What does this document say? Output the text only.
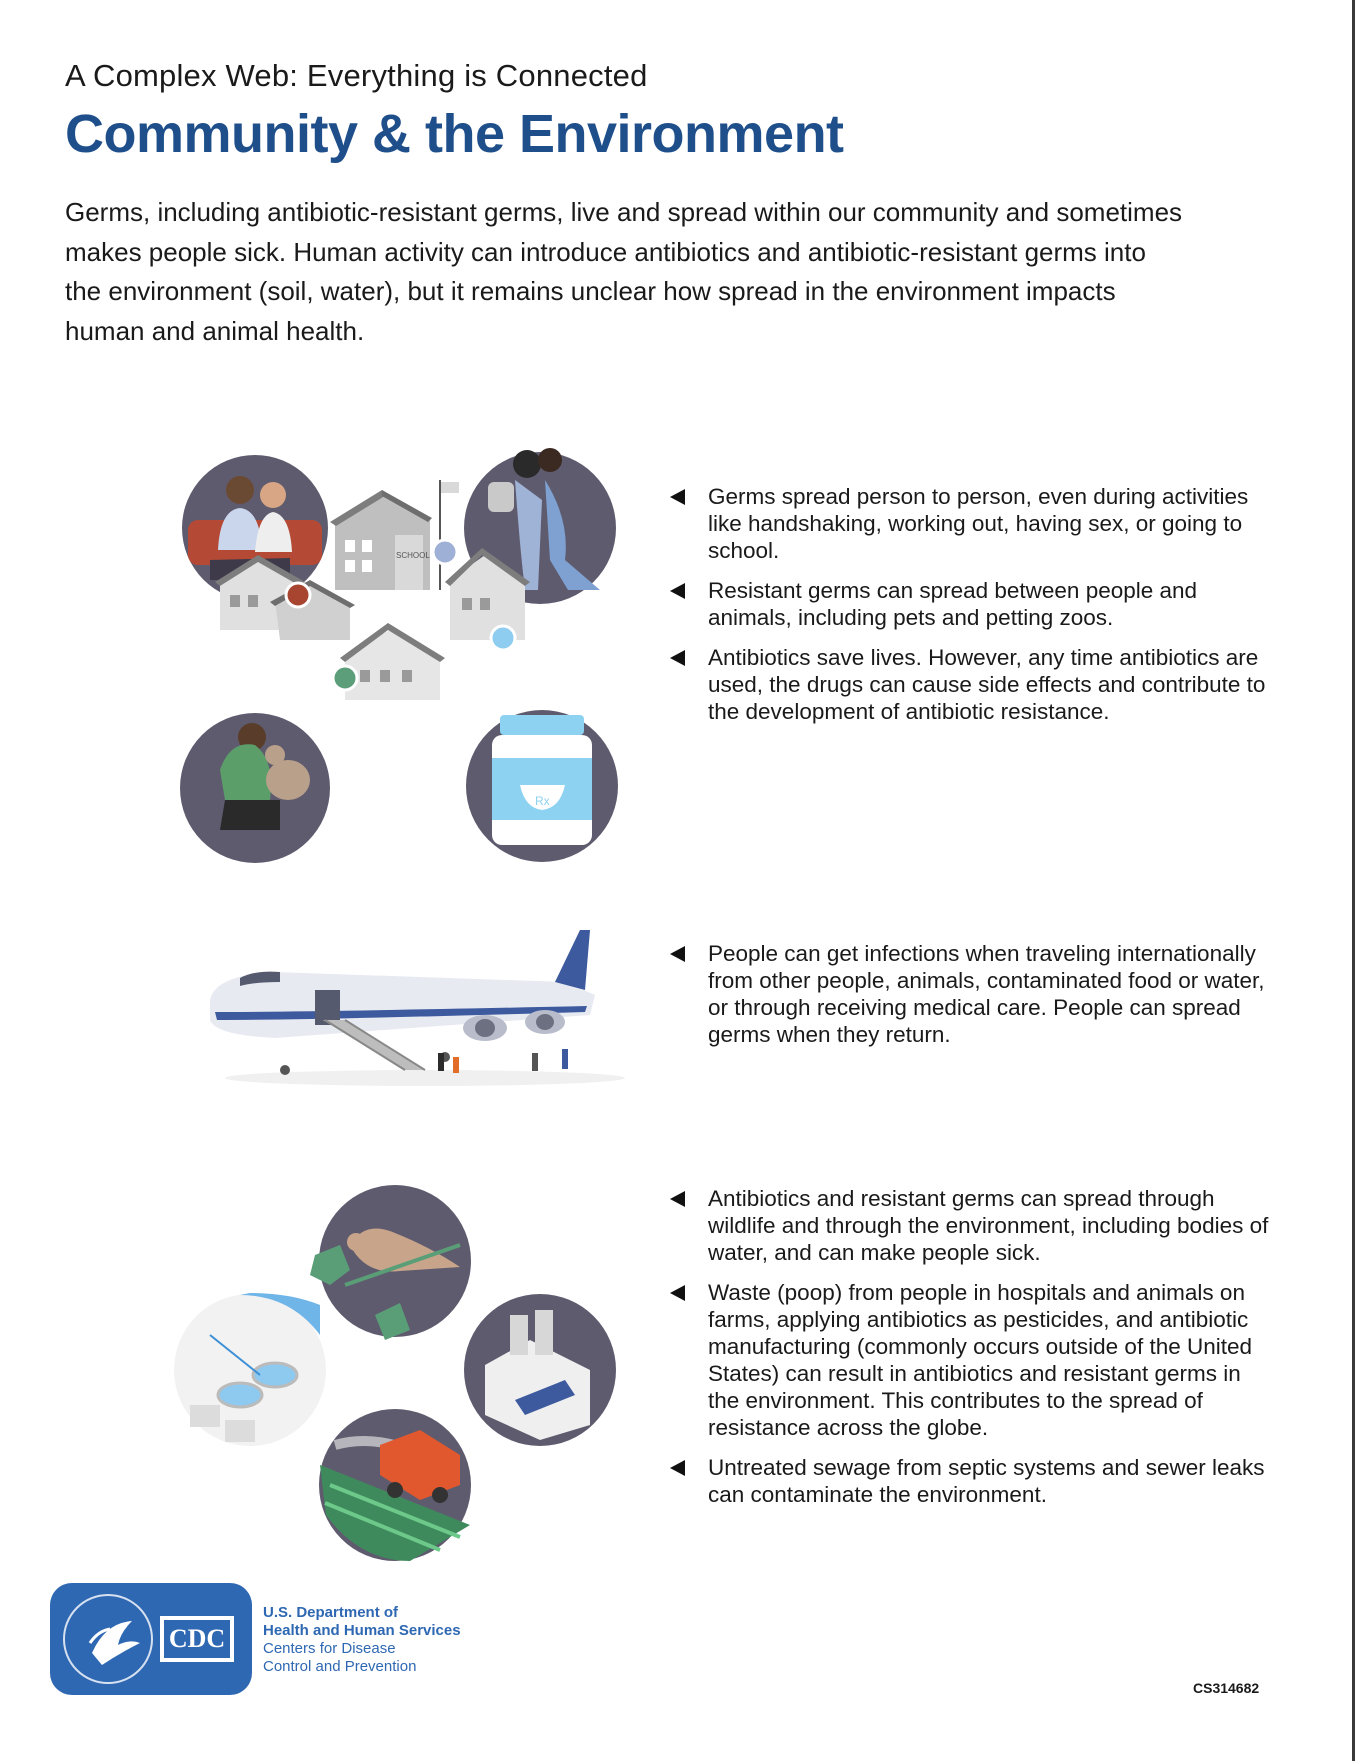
A Complex Web: Everything is Connected
Community & the Environment

Germs, including antibiotic-resistant germs, live and spread within our community and sometimes makes people sick. Human activity can introduce antibiotics and antibiotic-resistant germs into the environment (soil, water), but it remains unclear how spread in the environment impacts human and animal health.

SCHOOL
Rx
Germs spread person to person, even during activities like handshaking, working out, having sex, or going to school.
Resistant germs can spread between people and animals, including pets and petting zoos.
Antibiotics save lives. However, any time antibiotics are used, the drugs can cause side effects and contribute to the development of antibiotic resistance.
People can get infections when traveling internationally from other people, animals, contaminated food or water, or through receiving medical care. People can spread germs when they return.
Antibiotics and resistant germs can spread through wildlife and through the environment, including bodies of water, and can make people sick.
Waste (poop) from people in hospitals and animals on farms, applying antibiotics as pesticides, and antibiotic manufacturing (commonly occurs outside of the United States) can result in antibiotics and resistant germs in the environment. This contributes to the spread of resistance across the globe.
Untreated sewage from septic systems and sewer leaks can contaminate the environment.
CDC
U.S. Department of
Health and Human Services
Centers for Disease
Control and Prevention
CS314682
